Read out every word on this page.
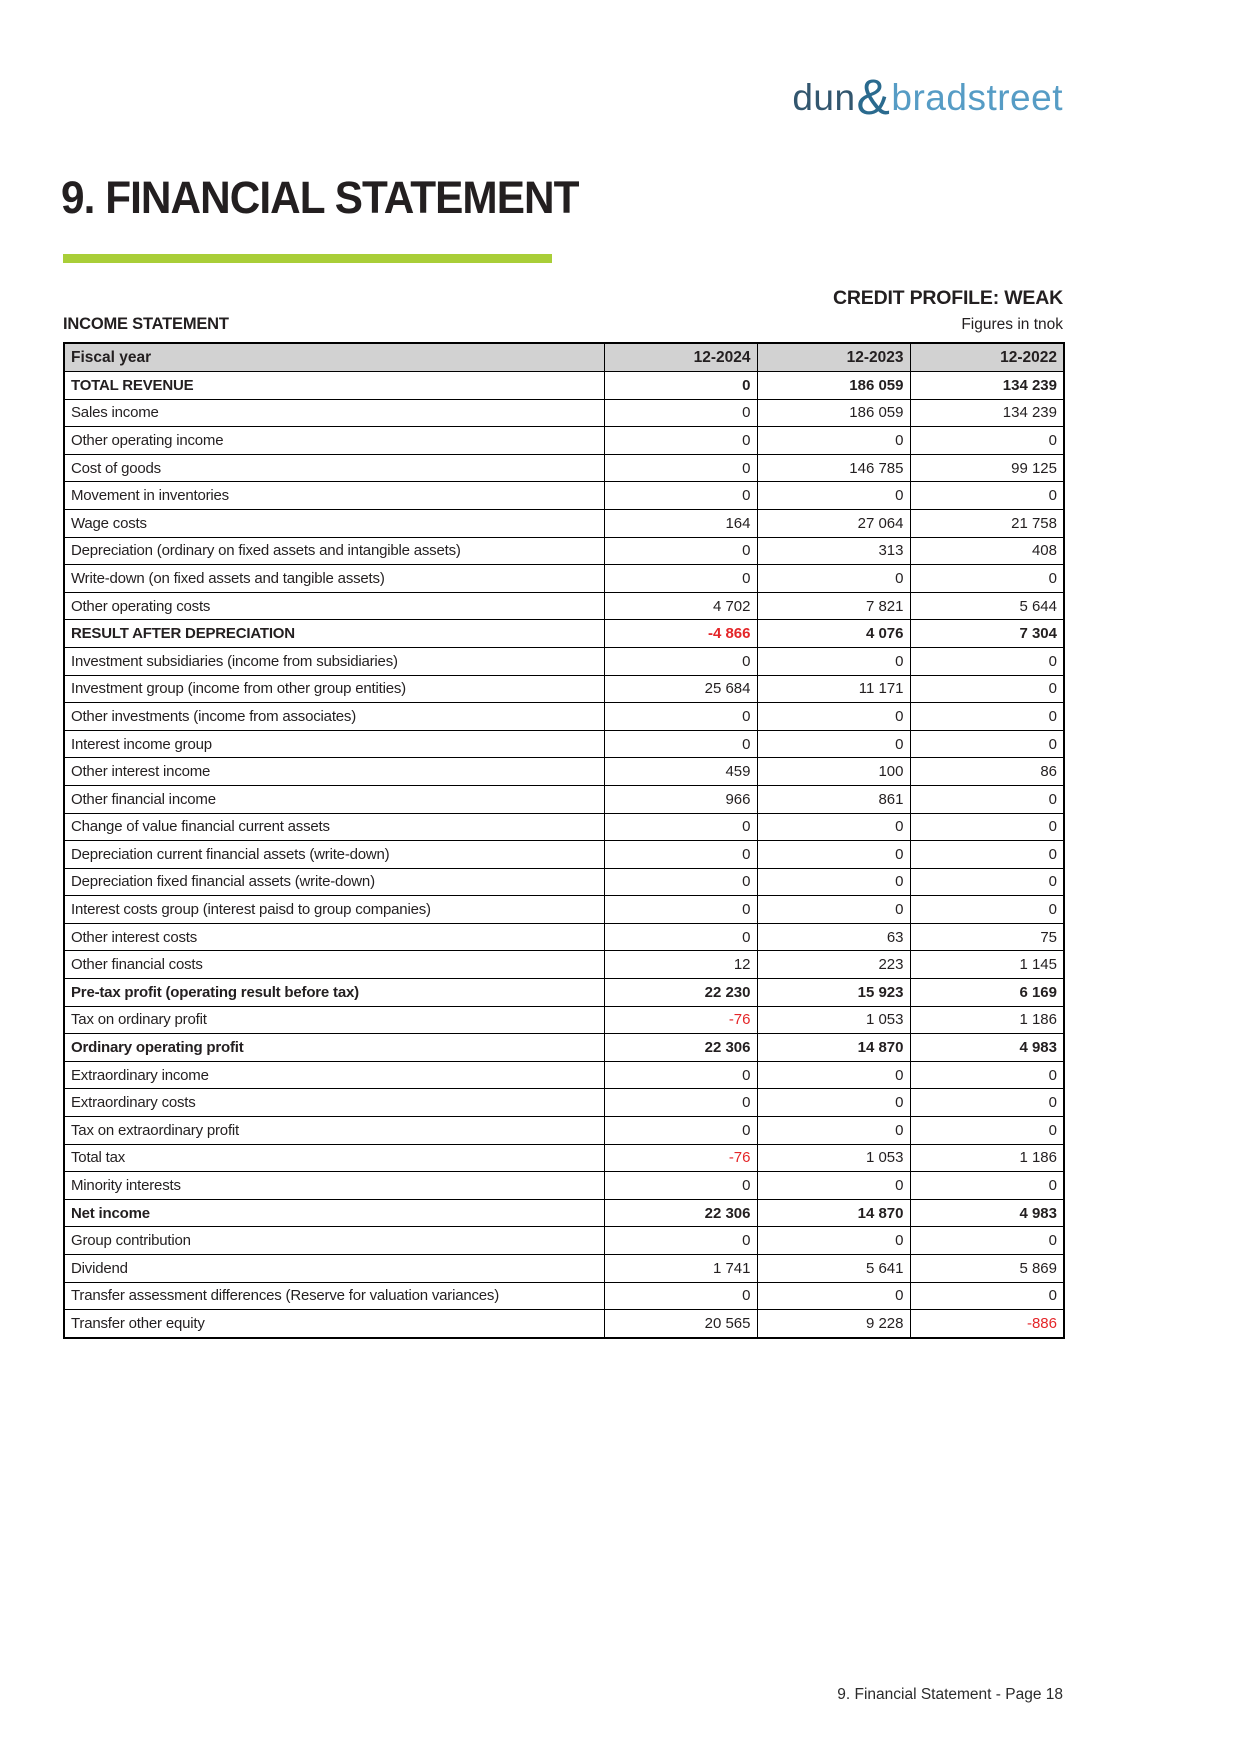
dun&bradstreet
9. FINANCIAL STATEMENT
CREDIT PROFILE: WEAK
INCOME STATEMENT	Figures in tnok
Fiscal year	12-2024	12-2023	12-2022
TOTAL REVENUE	0	186 059	134 239
Sales income	0	186 059	134 239
Other operating income	0	0	0
Cost of goods	0	146 785	99 125
Movement in inventories	0	0	0
Wage costs	164	27 064	21 758
Depreciation (ordinary on fixed assets and intangible assets)	0	313	408
Write-down (on fixed assets and tangible assets)	0	0	0
Other operating costs	4 702	7 821	5 644
RESULT AFTER DEPRECIATION	-4 866	4 076	7 304
Investment subsidiaries (income from subsidiaries)	0	0	0
Investment group (income from other group entities)	25 684	11 171	0
Other investments (income from associates)	0	0	0
Interest income group	0	0	0
Other interest income	459	100	86
Other financial income	966	861	0
Change of value financial current assets	0	0	0
Depreciation current financial assets (write-down)	0	0	0
Depreciation fixed financial assets (write-down)	0	0	0
Interest costs group (interest paisd to group companies)	0	0	0
Other interest costs	0	63	75
Other financial costs	12	223	1 145
Pre-tax profit (operating result before tax)	22 230	15 923	6 169
Tax on ordinary profit	-76	1 053	1 186
Ordinary operating profit	22 306	14 870	4 983
Extraordinary income	0	0	0
Extraordinary costs	0	0	0
Tax on extraordinary profit	0	0	0
Total tax	-76	1 053	1 186
Minority interests	0	0	0
Net income	22 306	14 870	4 983
Group contribution	0	0	0
Dividend	1 741	5 641	5 869
Transfer assessment differences (Reserve for valuation variances)	0	0	0
Transfer other equity	20 565	9 228	-886
9. Financial Statement - Page 18
